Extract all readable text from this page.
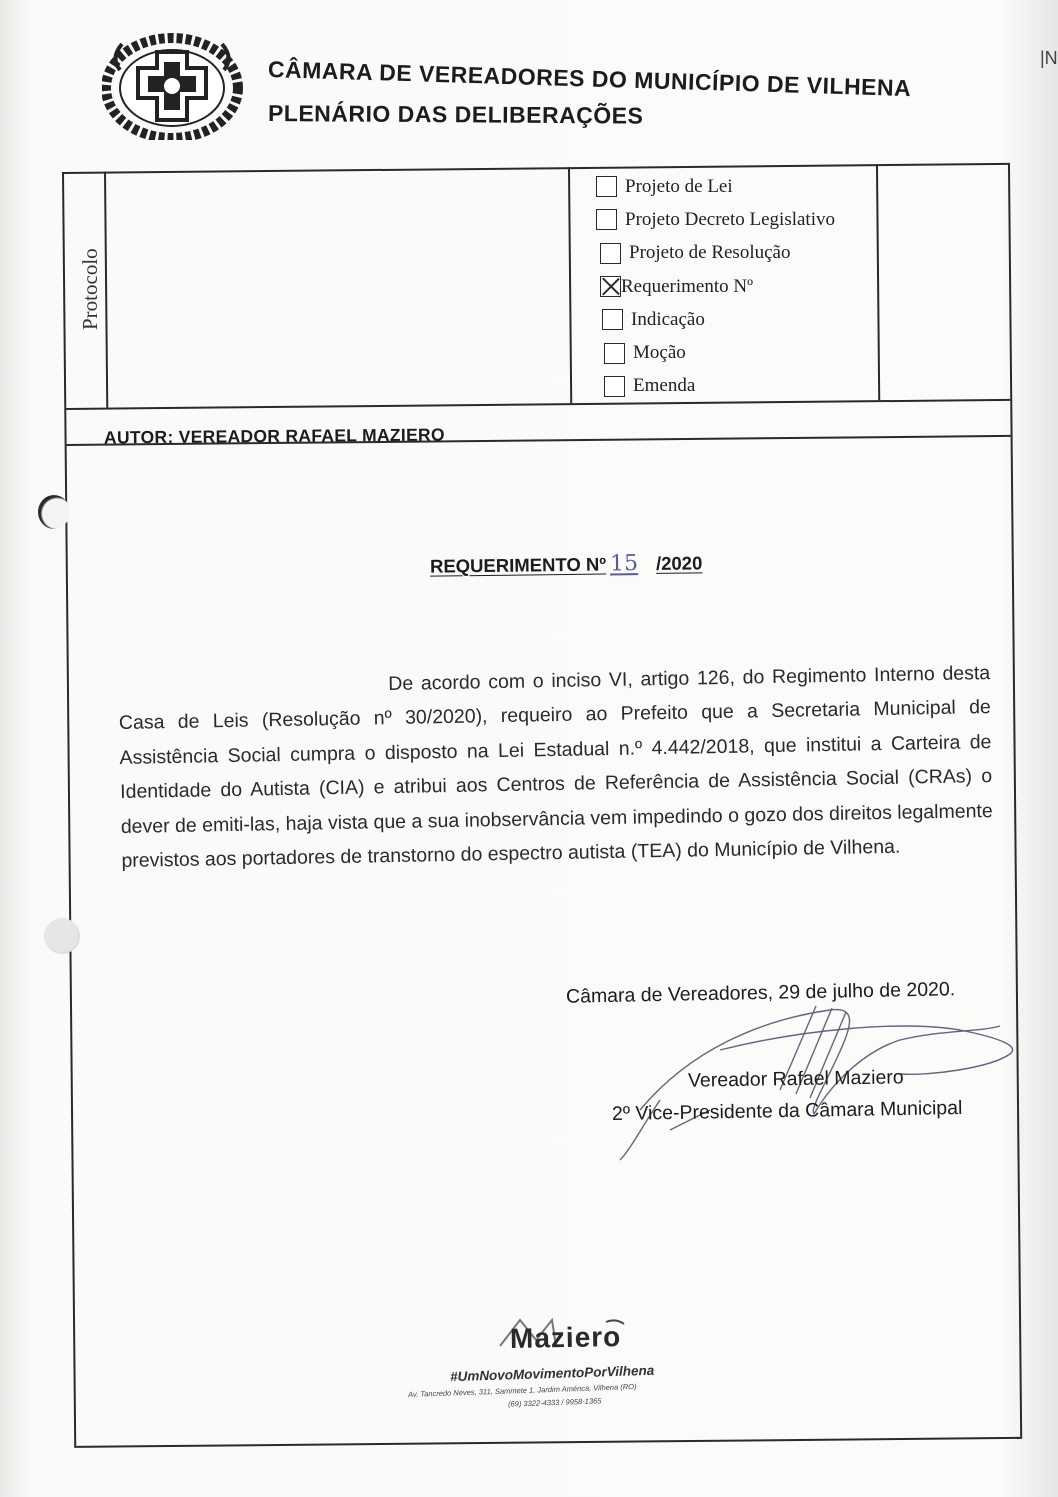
CÂMARA DE VEREADORES DO MUNICÍPIO DE VILHENA
PLENÁRIO DAS DELIBERAÇÕES
|N
Protocolo
Projeto de Lei
Projeto Decreto Legislativo
Projeto de Resolução
Requerimento Nº
Indicação
Moção
Emenda
AUTOR: VEREADOR RAFAEL MAZIERO
REQUERIMENTO Nº 15 /2020
De acordo com o inciso VI, artigo 126, do Regimento Interno desta Casa de Leis (Resolução nº 30/2020), requeiro ao Prefeito que a Secretaria Municipal de Assistência Social cumpra o disposto na Lei Estadual n.º 4.442/2018, que institui a Carteira de Identidade do Autista (CIA) e atribui aos Centros de Referência de Assistência Social (CRAs) o dever de emiti-las, haja vista que a sua inobservância vem impedindo o gozo dos direitos legalmente previstos aos portadores de transtorno do espectro autista (TEA) do Município de Vilhena.
Câmara de Vereadores, 29 de julho de 2020.
Vereador Rafael Maziero
2º Vice-Presidente da Câmara Municipal
Maziero
#UmNovoMovimentoPorVilhena
Av. Tancredo Neves, 311, Sammete 1, Jardim América, Vilhena (RO)
(69) 3322-4333 / 9958-1365
